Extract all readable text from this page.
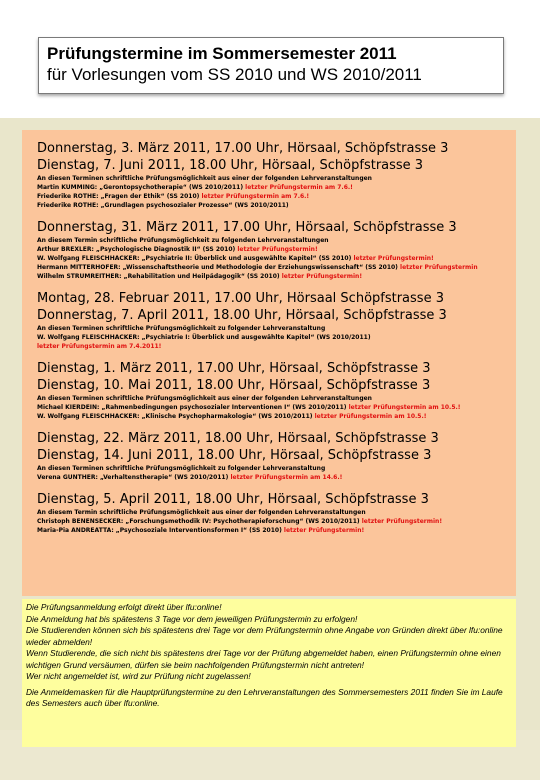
Prüfungstermine im Sommersemester 2011
für Vorlesungen vom SS 2010 und WS 2010/2011
Donnerstag, 3. März 2011, 17.00 Uhr, Hörsaal, Schöpfstrasse 3
Dienstag, 7. Juni 2011, 18.00 Uhr, Hörsaal, Schöpfstrasse 3
An diesen Terminen schriftliche Prüfungsmöglichkeit aus einer der folgenden Lehrveranstaltungen
Martin KUMMING: „Gerontopsychotherapie“ (WS 2010/2011) letzter Prüfungstermin am 7.6.!
Friederike ROTHE: „Fragen der Ethik“ (SS 2010) letzter Prüfungstermin am 7.6.!
Friederike ROTHE: „Grundlagen psychosozialer Prozesse“ (WS 2010/2011)
Donnerstag, 31. März 2011, 17.00 Uhr, Hörsaal, Schöpfstrasse 3
An diesem Termin schriftliche Prüfungsmöglichkeit zu folgenden Lehrveranstaltungen
Arthur BREXLER: „Psychologische Diagnostik II“ (SS 2010) letzter Prüfungstermin!
W. Wolfgang FLEISCHHACKER: „Psychiatrie II: Überblick und ausgewählte Kapitel“ (SS 2010) letzter Prüfungstermin!
Hermann MITTERHOFER: „Wissenschaftstheorie und Methodologie der Erziehungswissenschaft“ (SS 2010) letzter Prüfungstermin
Wilhelm STRUMREITHER: „Rehabilitation und Heilpädagogik“ (SS 2010) letzter Prüfungstermin!
Montag, 28. Februar 2011, 17.00 Uhr, Hörsaal Schöpfstrasse 3
Donnerstag, 7. April 2011, 18.00 Uhr, Hörsaal, Schöpfstrasse 3
An diesen Terminen schriftliche Prüfungsmöglichkeit zu folgender Lehrveranstaltung
W. Wolfgang FLEISCHHACKER: „Psychiatrie I: Überblick und ausgewählte Kapitel“ (WS 2010/2011)
letzter Prüfungstermin am 7.4.2011!
Dienstag, 1. März 2011, 17.00 Uhr, Hörsaal, Schöpfstrasse 3
Dienstag, 10. Mai 2011, 18.00 Uhr, Hörsaal, Schöpfstrasse 3
An diesen Terminen schriftliche Prüfungsmöglichkeit aus einer der folgenden Lehrveranstaltungen
Michael KIERDEIN: „Rahmenbedingungen psychosozialer Interventionen I“ (WS 2010/2011) letzter Prüfungstermin am 10.5.!
W. Wolfgang FLEISCHHACKER: „Klinische Psychopharmakologie“ (WS 2010/2011) letzter Prüfungstermin am 10.5.!
Dienstag, 22. März 2011, 18.00 Uhr, Hörsaal, Schöpfstrasse 3
Dienstag, 14. Juni 2011, 18.00 Uhr, Hörsaal, Schöpfstrasse 3
An diesen Terminen schriftliche Prüfungsmöglichkeit zu folgender Lehrveranstaltung
Verena GUNTHER: „Verhaltenstherapie“ (WS 2010/2011) letzter Prüfungstermin am 14.6.!
Dienstag, 5. April 2011, 18.00 Uhr, Hörsaal, Schöpfstrasse 3
An diesem Termin schriftliche Prüfungsmöglichkeit aus einer der folgenden Lehrveranstaltungen
Christoph BENENSECKER: „Forschungsmethodik IV: Psychotherapieforschung“ (WS 2010/2011) letzter Prüfungstermin!
Maria-Pia ANDREATTA: „Psychosoziale Interventionsformen I“ (SS 2010) letzter Prüfungstermin!

Die Prüfungsanmeldung erfolgt direkt über lfu:online!

Die Anmeldung hat bis spätestens 3 Tage vor dem jeweiligen Prüfungstermin zu erfolgen!

Die Studierenden können sich bis spätestens drei Tage vor dem Prüfungstermin ohne Angabe von Gründen direkt über lfu:online wieder abmelden!

Wenn Studierende, die sich nicht bis spätestens drei Tage vor der Prüfung abgemeldet haben, einen Prüfungstermin ohne einen wichtigen Grund versäumen, dürfen sie beim nachfolgenden Prüfungstermin nicht antreten!

Wer nicht angemeldet ist, wird zur Prüfung nicht zugelassen!

Die Anmeldemasken für die Hauptprüfungstermine zu den Lehrveranstaltungen des Sommersemesters 2011 finden Sie im Laufe des Semesters auch über lfu:online.
